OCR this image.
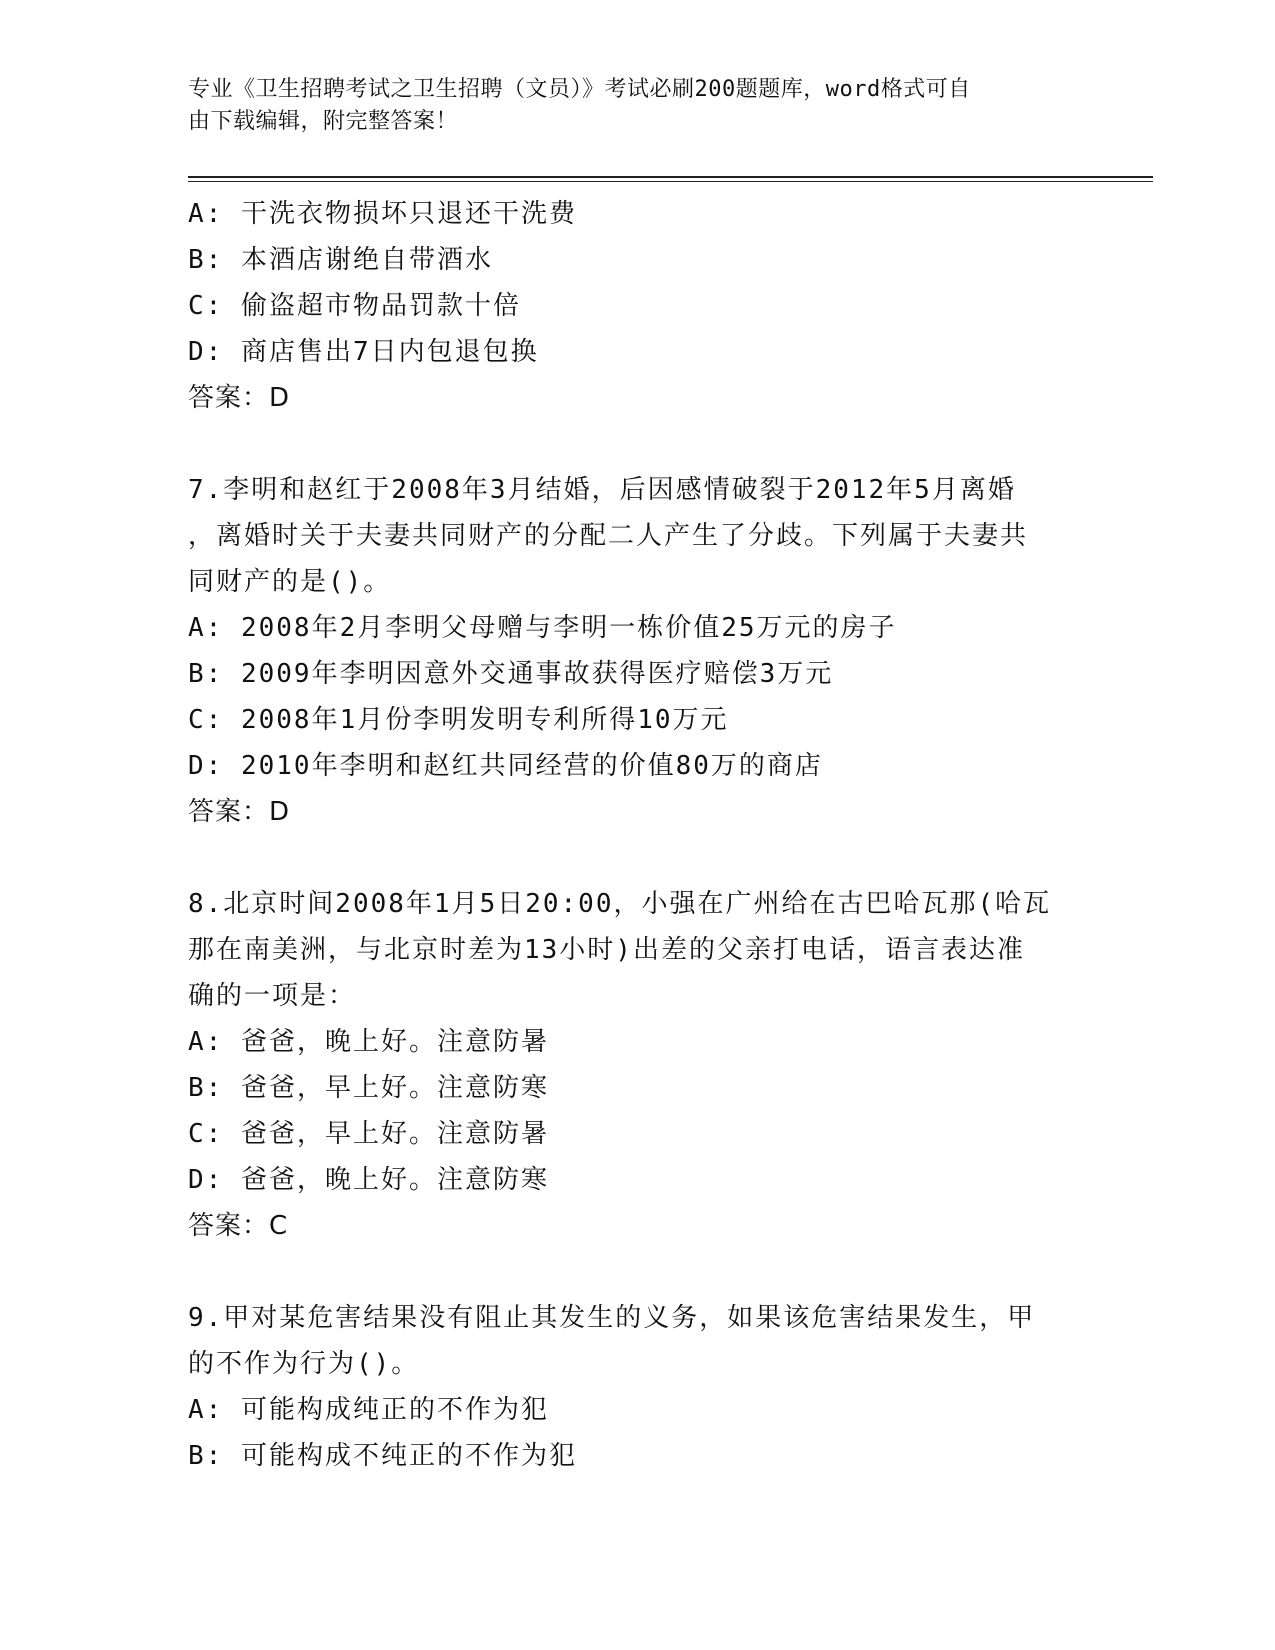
专业《卫生招聘考试之卫生招聘（文员）》考试必刷200题题库，word格式可自
由下载编辑，附完整答案！
A: 干洗衣物损坏只退还干洗费
B: 本酒店谢绝自带酒水
C: 偷盗超市物品罚款十倍
D: 商店售出7日内包退包换
答案：D
7.李明和赵红于2008年3月结婚，后因感情破裂于2012年5月离婚
，离婚时关于夫妻共同财产的分配二人产生了分歧。下列属于夫妻共
同财产的是()。
A: 2008年2月李明父母赠与李明一栋价值25万元的房子
B: 2009年李明因意外交通事故获得医疗赔偿3万元
C: 2008年1月份李明发明专利所得10万元
D: 2010年李明和赵红共同经营的价值80万的商店
答案：D
8.北京时间2008年1月5日20:00，小强在广州给在古巴哈瓦那(哈瓦
那在南美洲，与北京时差为13小时)出差的父亲打电话，语言表达准
确的一项是：
A: 爸爸，晚上好。注意防暑
B: 爸爸，早上好。注意防寒
C: 爸爸，早上好。注意防暑
D: 爸爸，晚上好。注意防寒
答案：C
9.甲对某危害结果没有阻止其发生的义务，如果该危害结果发生，甲
的不作为行为()。
A: 可能构成纯正的不作为犯
B: 可能构成不纯正的不作为犯
